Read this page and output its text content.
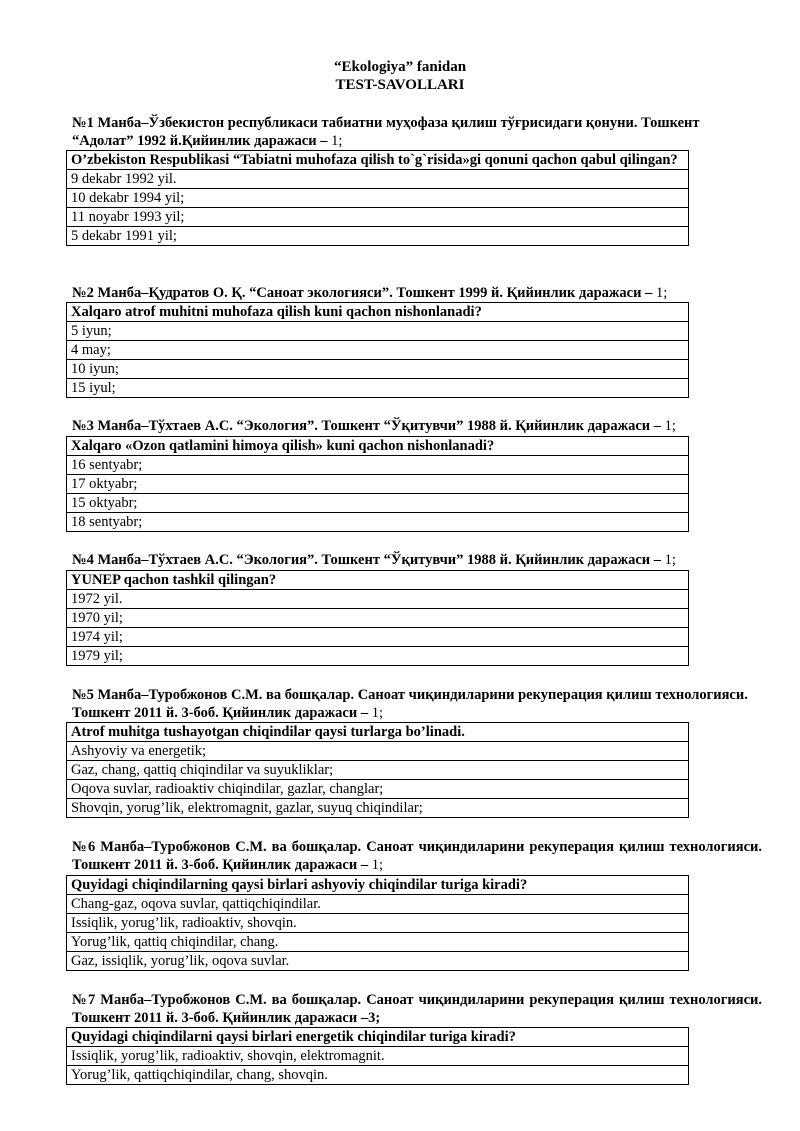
“Ekologiya” fanidan
TEST-SAVOLLARI
№1 Манба–Ўзбекистон республикаси табиатни муҳофаза қилиш тўғрисидаги қонуни. Тошкент “Адолат” 1992 й.Қийинлик даражаси – 1;
O’zbekiston Respublikasi “Tabiatni muhofaza qilish to`g`risida»gi qonuni qachon qabul qilingan?
9 dekabr 1992 yil.
10 dekabr 1994 yil;
11 noyabr 1993 yil;
5 dekabr 1991 yil;
№2 Манба–Қудратов О. Қ. “Саноат экологияси”. Тошкент 1999 й. Қийинлик даражаси – 1;
Xalqaro atrof muhitni muhofaza qilish kuni qachon nishonlanadi?
5 iyun;
4 may;
10 iyun;
15 iyul;
№3 Манба–Тўхтаев А.С. “Экология”. Тошкент “Ўқитувчи” 1988 й. Қийинлик даражаси – 1;
Xalqaro «Ozon qatlamini himoya qilish» kuni qachon nishonlanadi?
16 sentyabr;
17 oktyabr;
15 oktyabr;
18 sentyabr;
№4 Манба–Тўхтаев А.С. “Экология”. Тошкент “Ўқитувчи” 1988 й. Қийинлик даражаси – 1;
YUNEP qachon tashkil qilingan?
1972 yil.
1970 yil;
1974 yil;
1979 yil;
№5 Манба–Туробжонов С.М. ва бошқалар. Саноат чиқиндиларини рекуперация қилиш технологияси. Тошкент 2011 й. 3-боб. Қийинлик даражаси – 1;
Atrof muhitga tushayotgan chiqindilar qaysi turlarga bo’linadi.
Ashyoviy va energetik;
Gaz, chang, qattiq chiqindilar va suyukliklar;
Oqova suvlar, radioaktiv chiqindilar, gazlar, changlar;
Shovqin, yorug’lik, elektromagnit, gazlar, suyuq chiqindilar;
№6 Манба–Туробжонов С.М. ва бошқалар. Саноат чиқиндиларини рекуперация қилиш технологияси. Тошкент 2011 й. 3-боб. Қийинлик даражаси – 1;
Quyidagi chiqindilarning qaysi birlari ashyoviy chiqindilar turiga kiradi?
Chang-gaz, oqova suvlar, qattiqchiqindilar.
Issiqlik, yorug’lik, radioaktiv, shovqin.
Yorug’lik, qattiq chiqindilar, chang.
Gaz, issiqlik, yorug’lik, oqova suvlar.
№7 Манба–Туробжонов С.М. ва бошқалар. Саноат чиқиндиларини рекуперация қилиш технологияси. Тошкент 2011 й. 3-боб. Қийинлик даражаси –3;
Quyidagi chiqindilarni qaysi birlari energetik chiqindilar turiga kiradi?
Issiqlik, yorug’lik, radioaktiv, shovqin, elektromagnit.
Yorug’lik, qattiqchiqindilar, chang, shovqin.
